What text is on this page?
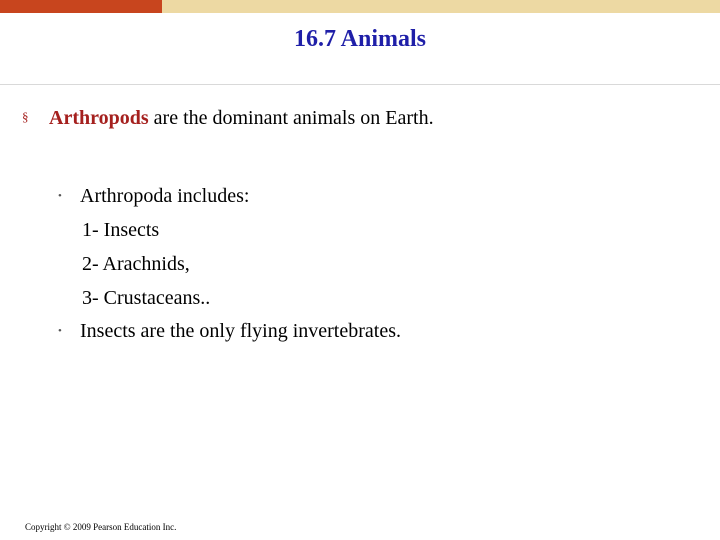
16.7 Animals
§ Arthropods are the dominant animals on Earth.
• Arthropoda includes:
1- Insects
2- Arachnids,
3- Crustaceans..
• Insects are the only flying invertebrates.
Copyright © 2009 Pearson Education Inc.
